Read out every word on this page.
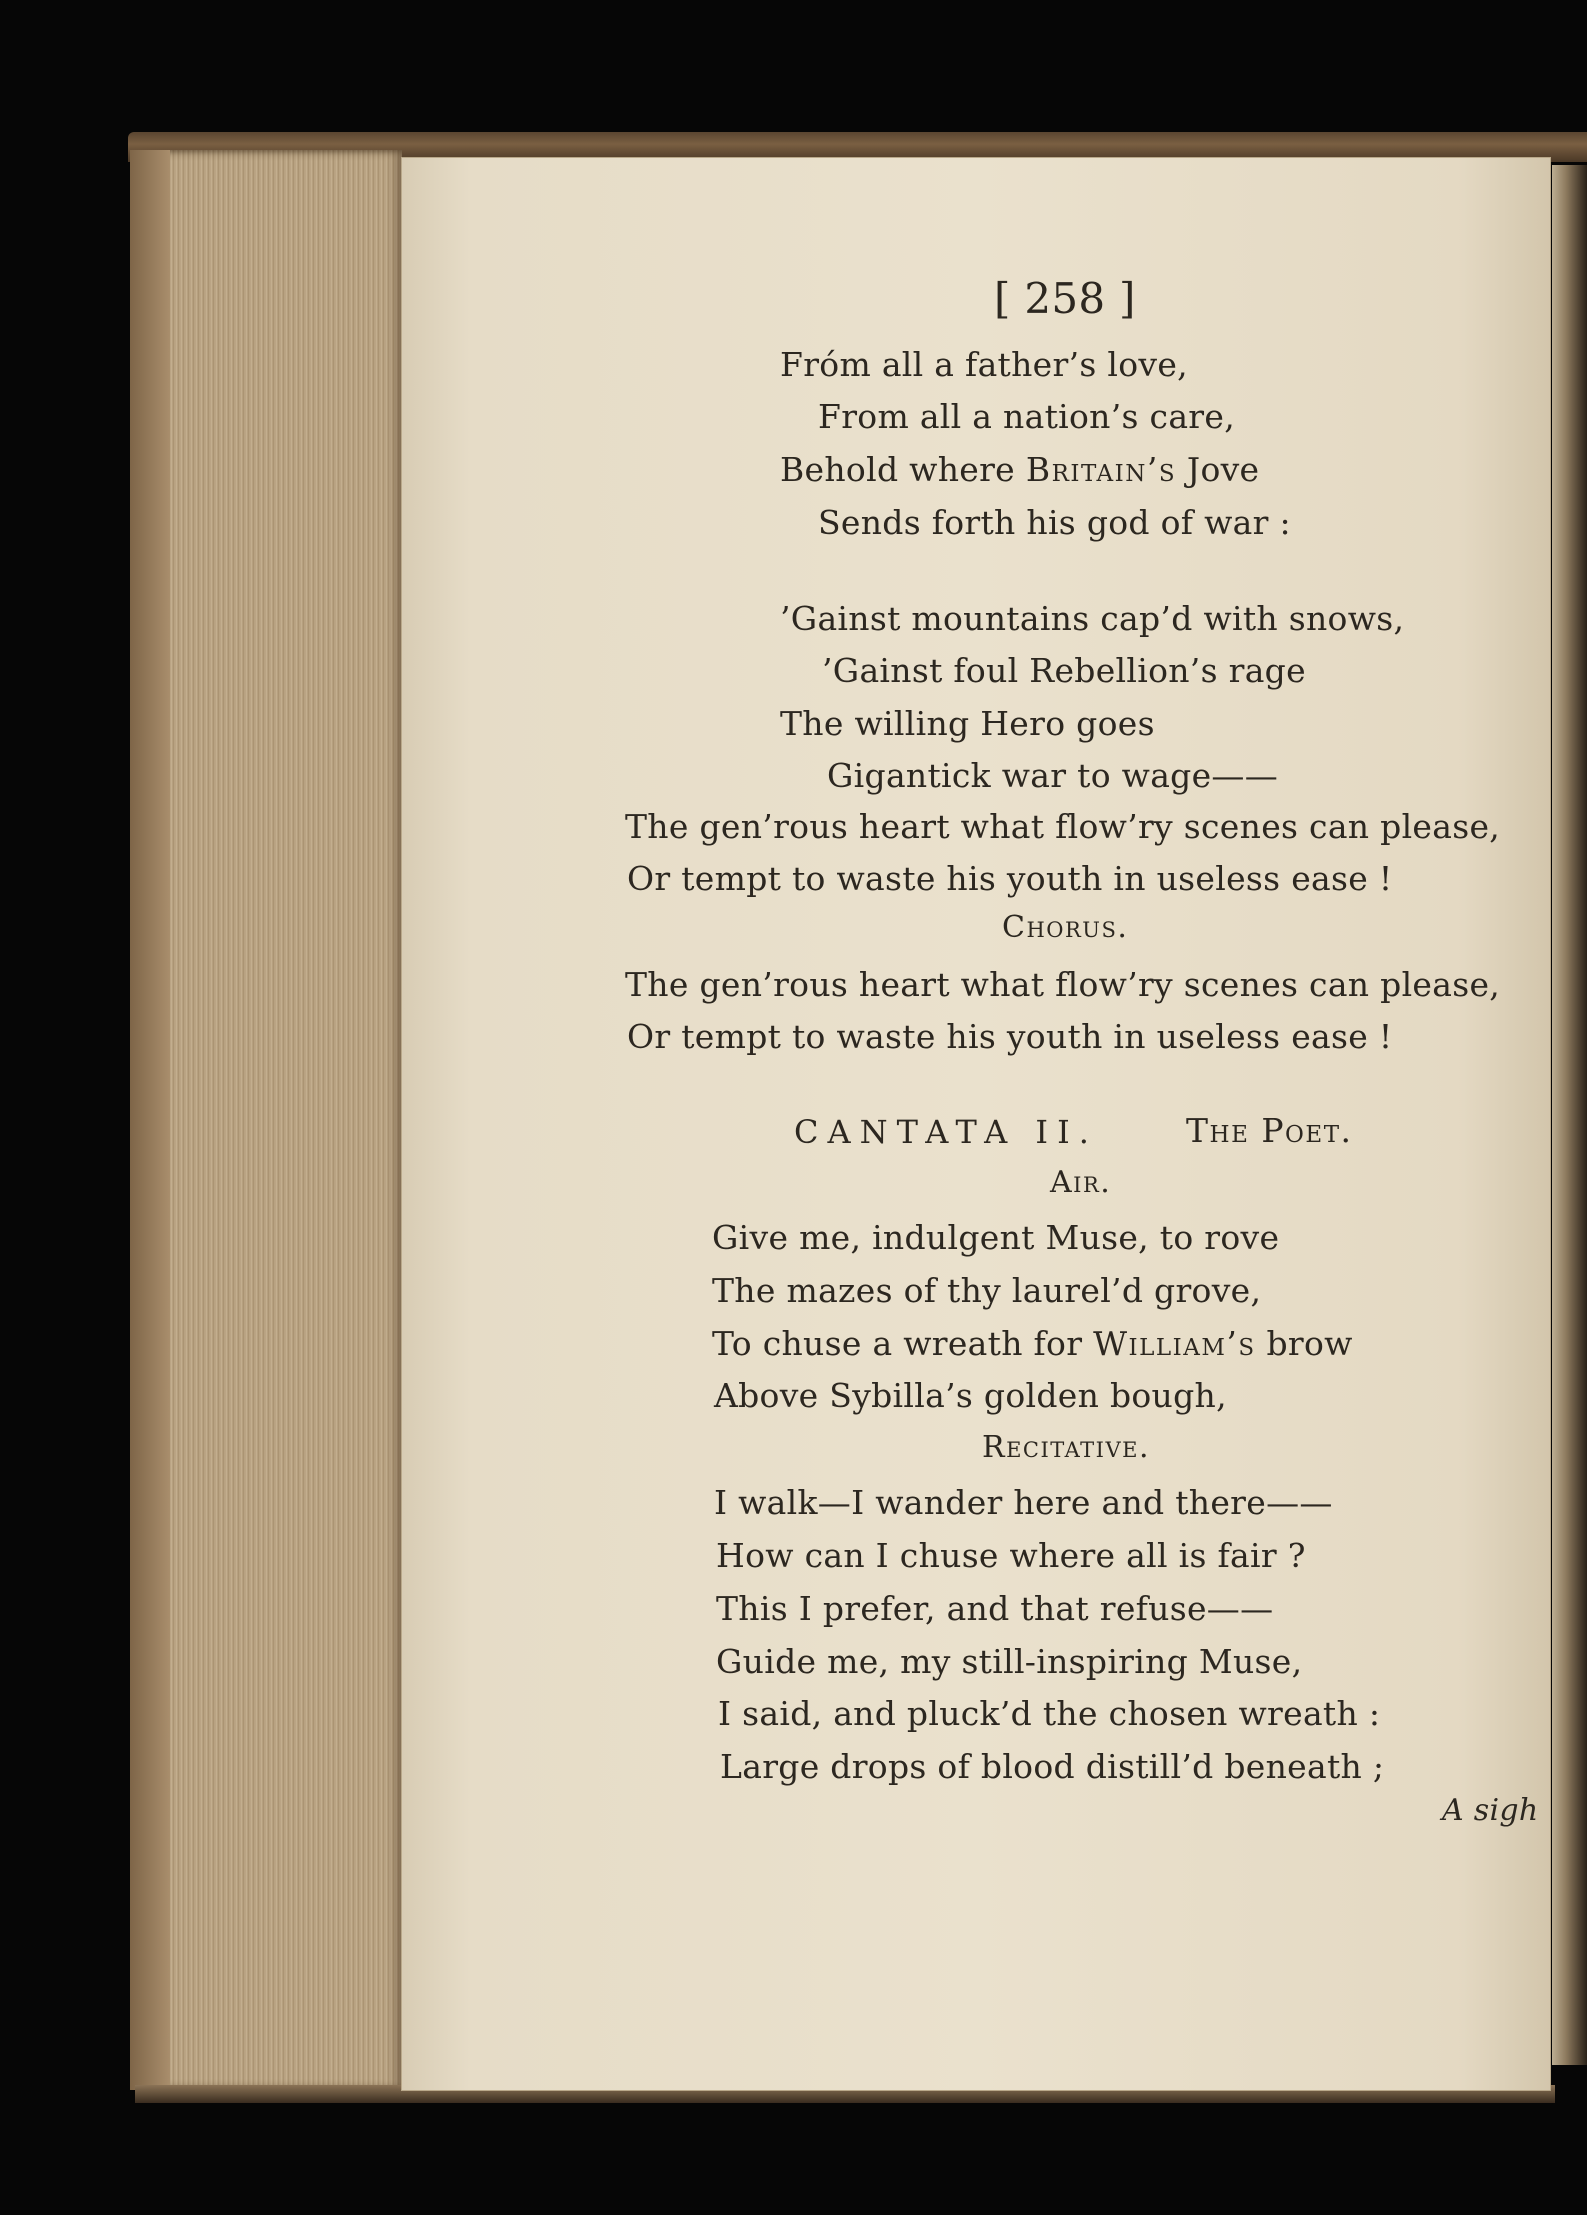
[ 258 ]
Fróm all a father’s love,
From all a nation’s care,
Behold where Britain’s Jove
Sends forth his god of war :
’Gainst mountains cap’d with snows,
’Gainst foul Rebellion’s rage
The willing Hero goes
Gigantick war to wage——
The gen’rous heart what flow’ry scenes can please,
Or tempt to waste his youth in useless ease !
Chorus.
The gen’rous heart what flow’ry scenes can please,
Or tempt to waste his youth in useless ease !
CANTATA II.	The Poet.
Air.
Give me, indulgent Muse, to rove
The mazes of thy laurel’d grove,
To chuse a wreath for William’s brow
Above Sybilla’s golden bough,
Recitative.
I walk—I wander here and there——
How can I chuse where all is fair ?
This I prefer, and that refuse——
Guide me, my still-inspiring Muse,
I said, and pluck’d the chosen wreath :
Large drops of blood distill’d beneath ;
A sigh
